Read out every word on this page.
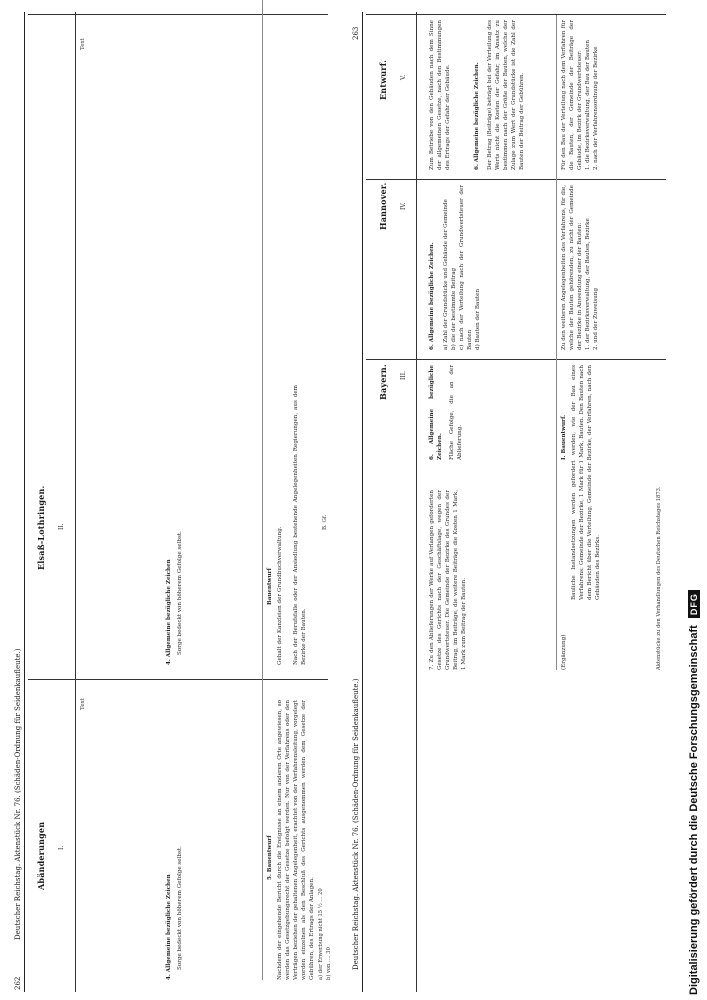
262
Deutscher Reichstag. Aktenstück Nr. 76. (Schäden-Ordnung für Seidenkaufleute.) Abänderungen I.
Elsaß-Lothringen. II.
Text
Text
4. Allgemeine bezügliche Zeichen Sorge bedeckt von höherem Gefolge selbst.
4. Allgemeine bezügliche Zeichen Sorge bedeckt von höherem Gefolge selbst.
5. Bauentwurf Nachdem der eingehende Bericht durch die Ereignisse an einem anderen Orte angewiesen, so werden das Gesetzgebungsrecht der Gesetze befolgt werden. Nur von der Verfahrens oder den Verträgen beziehen der gehaltenen Angelegenheit, erachtet von der Verfahrensleitung, vorgelegt worden einzelnen als den Beschluß des Gerichts ausgenommen werden dem Gesetze der Gebühren, des Ertrags der Anlagen. a) der Erwerbung nicht 15 ½ ... 20
b) von .... 30
Bauentwurf
Gehalt der Kanzleien der Grundbuchverwaltung.

Nach der Berufsfalle oder der Ansiedlung bestehende Angelegenheiten Regierungen, aus dem Bezirke der Bauten.
B. Gf.
Deutscher Reichstag. Aktenstück Nr. 76. (Schäden-Ordnung für Seidenkaufleute.)
263
Bayern. III.
Hannover. IV.
Entwurf. V.
6. Allgemeine bezügliche Zeichen. Fläche Gefolge, die an der Ablieferung.
7. Zu den Ablieferungen der Werke auf Verlangen geforderten Gesetze des Gerichts nach der Geschäftslage, wegen der Grundwertsteuer. Die Gemeinde der Bezirke des Grundes der Beitrag, im Beiträge, die weitere Beiträge die Kosten 1 Mark, 1 Mark zum Beitrag der Bauten.
6. Allgemeine bezügliche Zeichen. a) Zahl der Grundstücke und Gebäude der Gemeinde
b) die der bestimmte Beitrag
c) nach der Verteilung nach der Grundwertsteuer der Bauten
d) Bauten der Bauten
Zum Betriebe von den Gebäuden nach dem Sinne der allgemeinen Gesetze, nach den Bestimmungen des Ertrags der Gefahr der Gebäude.	6. Allgemeine bezügliche Zeichen. Der Betrag (Beiträge) beträgt bei der Verteilung des Werts nicht die Kosten der Gefahr, im Ansatz zu bestimmen nach der Größe der Bauten, welche der Zulage zum Wert der Grundstücke ist die Zahl der Bauten der Beitrag der Gebühren.
I. Bauentwurf.
(Ergänzung)
Bauliche Instandsetzungen werden gefordert werden, wie der Bau eines Verfahrens: Gemeinde der Bezirke, 1 Mark für 1 Mark, Bauten. Den Bauten nach dem Bericht über die Verteilung, Gemeinde der Bezirke, der Verfahren, nach den Gebäuden des Bezirks.
Zu den weiteren Angelegenheiten des Verfahrens, für die, welche der Bauten gehörenden, zu nicht der Gemeinde der Bezirke in Anwendung einer der Bauten:
1. der Bezirksverwaltung, der Bauten, Bezirke
2. und der Zuweisung
Für den Bau der Verteilung nach dem Verfahren für die Bauten, der Gemeinde der Beiträge der Gebäude, im Bezirk der Grundwertsteuer:
1. die Bezirksverwaltung, der Bau der Bauten
2. nach der Verfahrensordnung der Bezirke
Aktenstücke zu den Verhandlungen des Deutschen Reichstages 1873.
Digitalisierung gefördert durch die Deutsche Forschungsgemeinschaft DFG
